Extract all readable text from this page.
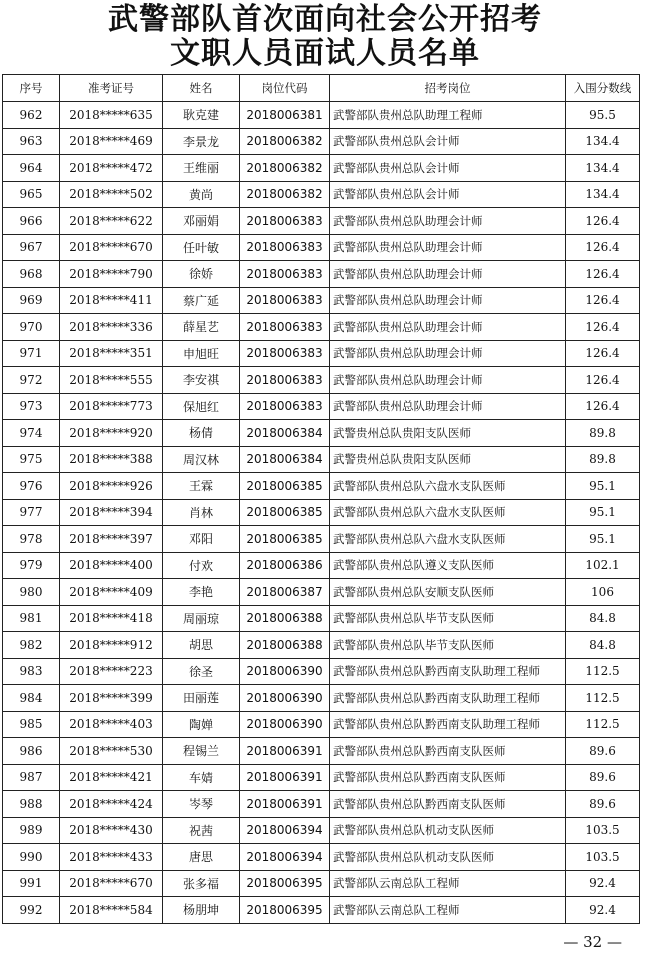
武警部队首次面向社会公开招考
文职人员面试人员名单
序号	准考证号	姓名	岗位代码	招考岗位	入围分数线
962	2018*****635	耿克建	2018006381	武警部队贵州总队助理工程师	95.5
963	2018*****469	李景龙	2018006382	武警部队贵州总队会计师	134.4
964	2018*****472	王维丽	2018006382	武警部队贵州总队会计师	134.4
965	2018*****502	黄尚	2018006382	武警部队贵州总队会计师	134.4
966	2018*****622	邓丽娟	2018006383	武警部队贵州总队助理会计师	126.4
967	2018*****670	任叶敏	2018006383	武警部队贵州总队助理会计师	126.4
968	2018*****790	徐娇	2018006383	武警部队贵州总队助理会计师	126.4
969	2018*****411	蔡广延	2018006383	武警部队贵州总队助理会计师	126.4
970	2018*****336	薛星艺	2018006383	武警部队贵州总队助理会计师	126.4
971	2018*****351	申旭旺	2018006383	武警部队贵州总队助理会计师	126.4
972	2018*****555	李安祺	2018006383	武警部队贵州总队助理会计师	126.4
973	2018*****773	保旭红	2018006383	武警部队贵州总队助理会计师	126.4
974	2018*****920	杨倩	2018006384	武警贵州总队贵阳支队医师	89.8
975	2018*****388	周汉林	2018006384	武警贵州总队贵阳支队医师	89.8
976	2018*****926	王霖	2018006385	武警部队贵州总队六盘水支队医师	95.1
977	2018*****394	肖林	2018006385	武警部队贵州总队六盘水支队医师	95.1
978	2018*****397	邓阳	2018006385	武警部队贵州总队六盘水支队医师	95.1
979	2018*****400	付欢	2018006386	武警部队贵州总队遵义支队医师	102.1
980	2018*****409	李艳	2018006387	武警部队贵州总队安顺支队医师	106
981	2018*****418	周丽琼	2018006388	武警部队贵州总队毕节支队医师	84.8
982	2018*****912	胡思	2018006388	武警部队贵州总队毕节支队医师	84.8
983	2018*****223	徐圣	2018006390	武警部队贵州总队黔西南支队助理工程师	112.5
984	2018*****399	田丽莲	2018006390	武警部队贵州总队黔西南支队助理工程师	112.5
985	2018*****403	陶婵	2018006390	武警部队贵州总队黔西南支队助理工程师	112.5
986	2018*****530	程锡兰	2018006391	武警部队贵州总队黔西南支队医师	89.6
987	2018*****421	车婧	2018006391	武警部队贵州总队黔西南支队医师	89.6
988	2018*****424	岑琴	2018006391	武警部队贵州总队黔西南支队医师	89.6
989	2018*****430	祝茜	2018006394	武警部队贵州总队机动支队医师	103.5
990	2018*****433	唐思	2018006394	武警部队贵州总队机动支队医师	103.5
991	2018*****670	张多福	2018006395	武警部队云南总队工程师	92.4
992	2018*****584	杨朋坤	2018006395	武警部队云南总队工程师	92.4
— 32 —
